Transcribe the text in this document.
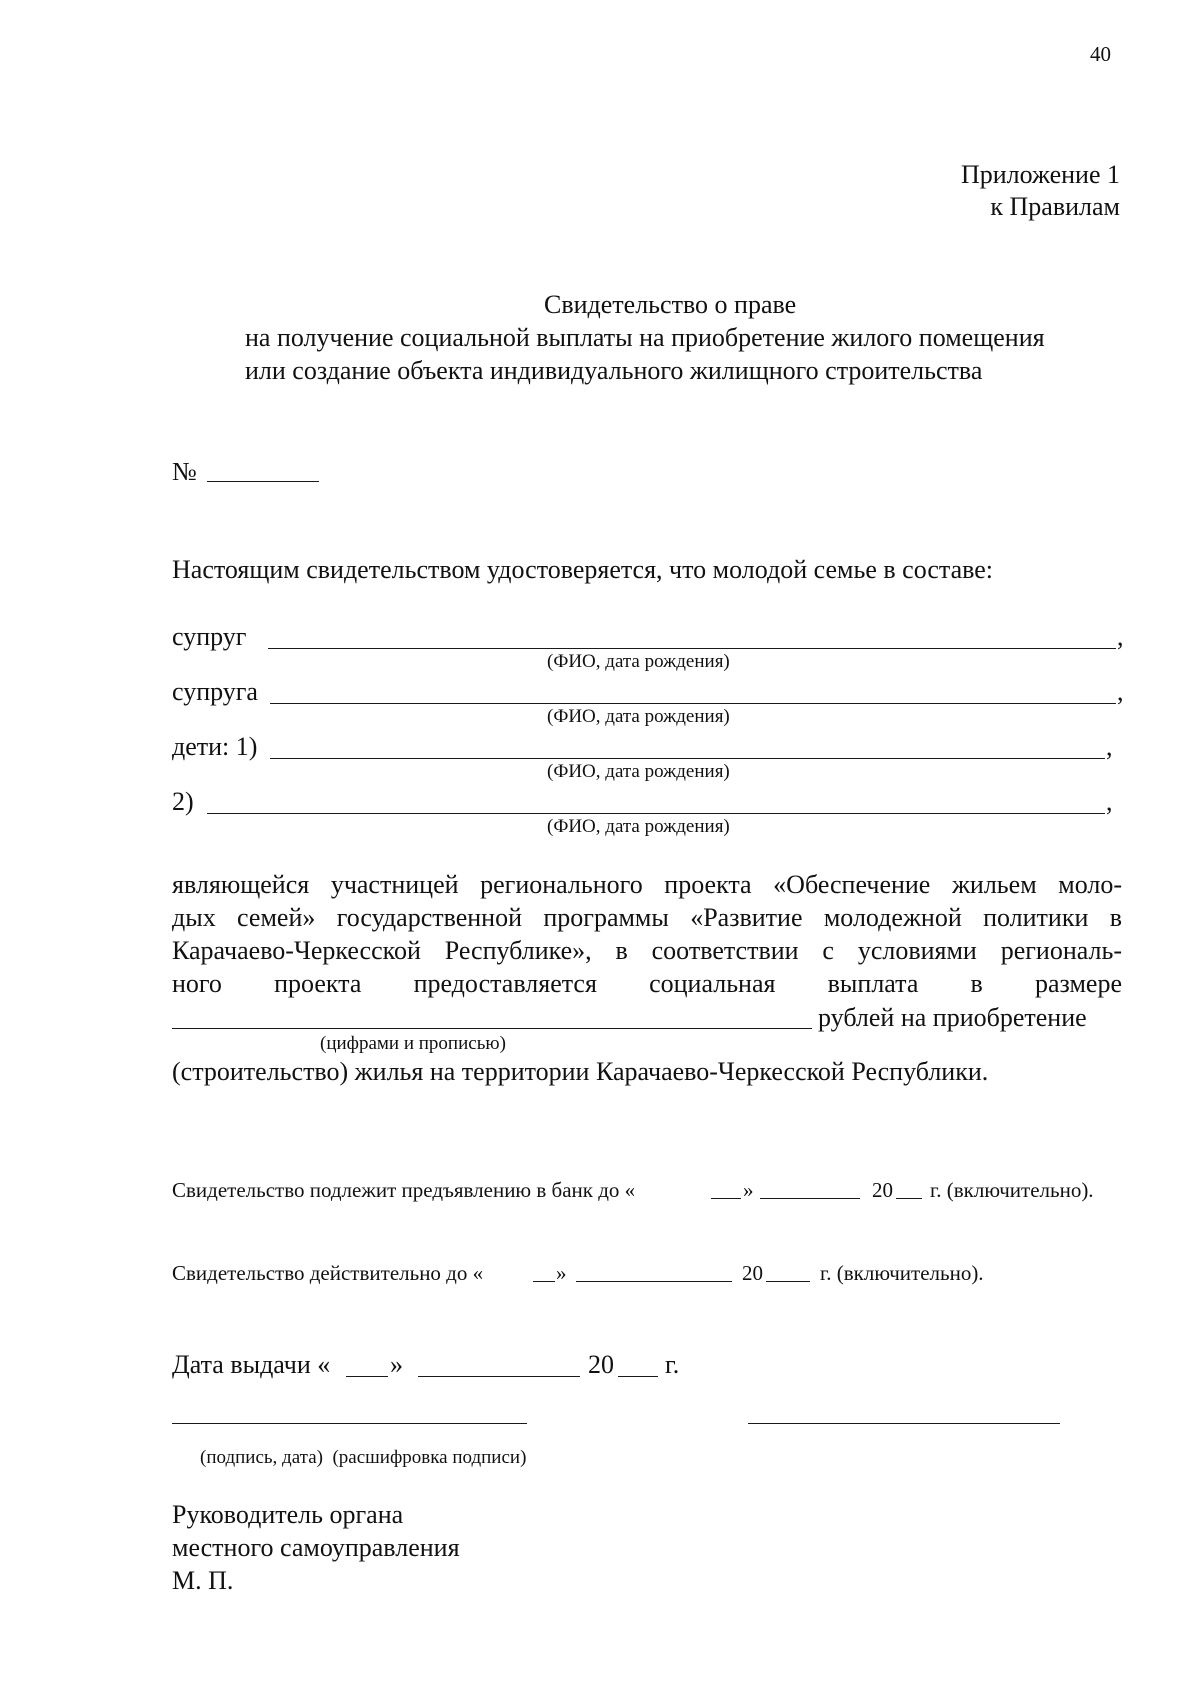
40
Приложение 1
к Правилам
Свидетельство о праве
на получение социальной выплаты на приобретение жилого помещения
или создание объекта индивидуального жилищного строительства
№
Настоящим свидетельством удостоверяется, что молодой семье в составе:
супруг	,
(ФИО, дата рождения)
супруга	,
(ФИО, дата рождения)
дети: 1)	,
(ФИО, дата рождения)
2)	,
(ФИО, дата рождения)
являющейся участницей регионального проекта «Обеспечение жильем моло-
дых семей» государственной программы «Развитие молодежной политики в
Карачаево-Черкесской Республике», в соответствии с условиями региональ-
ного проекта предоставляется социальная выплата в размере
рублей на приобретение
(цифрами и прописью)
(строительство) жилья на территории Карачаево-Черкесской Республики.
Свидетельство подлежит предъявлению в банк до «	»	20 г. (включительно).
Свидетельство действительно до «	»	20	г. (включительно).
Дата выдачи « »	20 г.
(подпись, дата)  (расшифровка подписи)
Руководитель органа
местного самоуправления
М. П.
